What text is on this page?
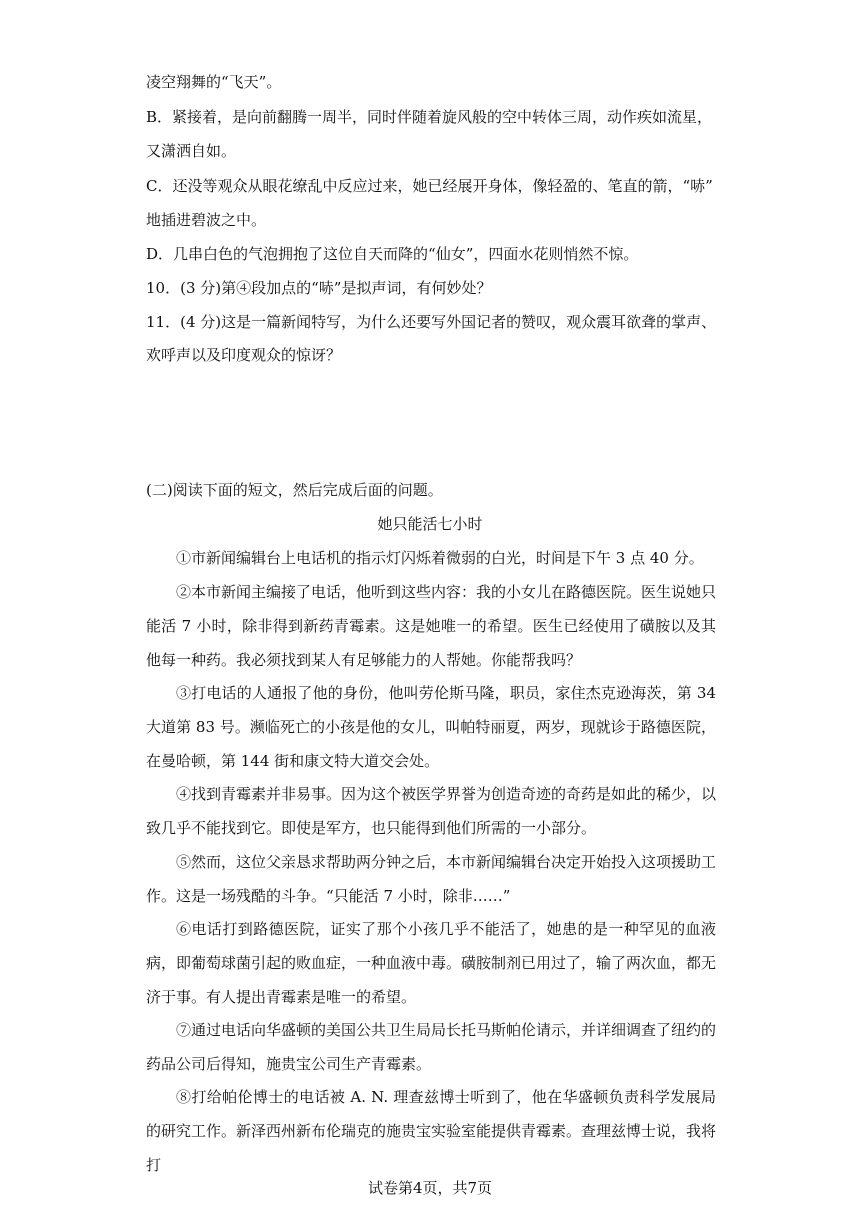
凌空翔舞的“飞天”。
B．紧接着，是向前翻腾一周半，同时伴随着旋风般的空中转体三周，动作疾如流星，
又潇洒自如。
C．还没等观众从眼花缭乱中反应过来，她已经展开身体，像轻盈的、笔直的箭，“哧”
地插进碧波之中。
D．几串白色的气泡拥抱了这位自天而降的“仙女”，四面水花则悄然不惊。
10．(3 分)第④段加点的“哧”是拟声词，有何妙处？
11．(4 分)这是一篇新闻特写，为什么还要写外国记者的赞叹，观众震耳欲聋的掌声、
欢呼声以及印度观众的惊讶？
(二)阅读下面的短文，然后完成后面的问题。
她只能活七小时
①市新闻编辑台上电话机的指示灯闪烁着微弱的白光，时间是下午 3 点 40 分。
②本市新闻主编接了电话，他听到这些内容：我的小女儿在路德医院。医生说她只能活 7 小时，除非得到新药青霉素。这是她唯一的希望。医生已经使用了磺胺以及其他每一种药。我必须找到某人有足够能力的人帮她。你能帮我吗？
③打电话的人通报了他的身份，他叫劳伦斯马隆，职员，家住杰克逊海茨，第 34 大道第 83 号。濒临死亡的小孩是他的女儿，叫帕特丽夏，两岁，现就诊于路德医院，在曼哈顿，第 144 街和康文特大道交会处。
④找到青霉素并非易事。因为这个被医学界誉为创造奇迹的奇药是如此的稀少，以致几乎不能找到它。即使是军方，也只能得到他们所需的一小部分。
⑤然而，这位父亲恳求帮助两分钟之后，本市新闻编辑台决定开始投入这项援助工作。这是一场残酷的斗争。“只能活 7 小时，除非……”
⑥电话打到路德医院，证实了那个小孩几乎不能活了，她患的是一种罕见的血液病，即葡萄球菌引起的败血症，一种血液中毒。磺胺制剂已用过了，输了两次血，都无济于事。有人提出青霉素是唯一的希望。
⑦通过电话向华盛顿的美国公共卫生局局长托马斯帕伦请示，并详细调查了纽约的药品公司后得知，施贵宝公司生产青霉素。
⑧打给帕伦博士的电话被 A. N. 理查兹博士听到了，他在华盛顿负责科学发展局的研究工作。新泽西州新布伦瑞克的施贵宝实验室能提供青霉素。查理兹博士说，我将打
试卷第4页，共7页
